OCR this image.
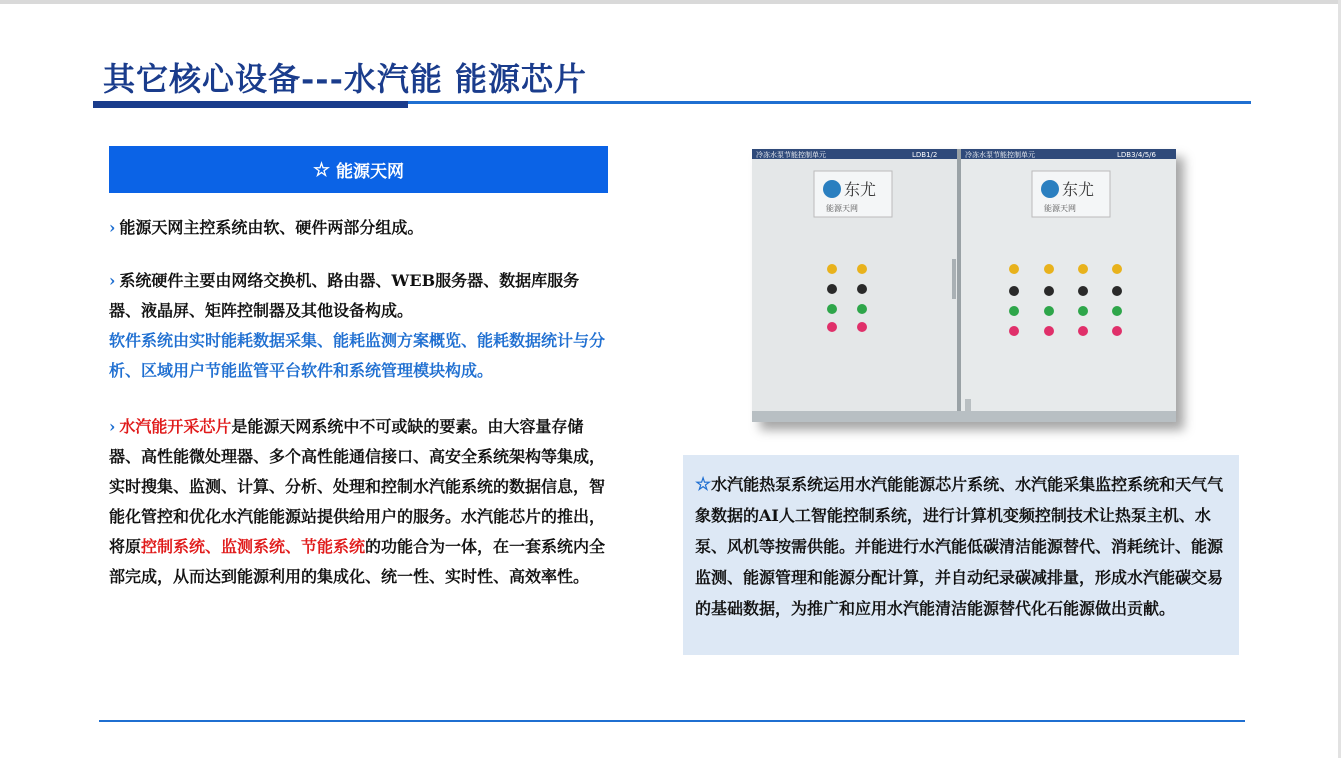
其它核心设备---水汽能 能源芯片
☆ 能源天网

› 能源天网主控系统由软、硬件两部分组成。

› 系统硬件主要由网络交换机、路由器、WEB服务器、数据库服务器、液晶屏、矩阵控制器及其他设备构成。
软件系统由实时能耗数据采集、能耗监测方案概览、能耗数据统计与分析、区域用户节能监管平台软件和系统管理模块构成。

› 水汽能开采芯片是能源天网系统中不可或缺的要素。由大容量存储器、高性能微处理器、多个高性能通信接口、高安全系统架构等集成，实时搜集、监测、计算、分析、处理和控制水汽能系统的数据信息，智能化管控和优化水汽能能源站提供给用户的服务。水汽能芯片的推出，将原控制系统、监测系统、节能系统的功能合为一体，在一套系统内全部完成，从而达到能源利用的集成化、统一性、实时性、高效率性。

冷冻水泵节能控制单元	LDB1/2
东尤
能源天网
冷冻水泵节能控制单元	LDB3/4/5/6
东尤
能源天网

☆水汽能热泵系统运用水汽能能源芯片系统、水汽能采集监控系统和天气气象数据的AI人工智能控制系统，进行计算机变频控制技术让热泵主机、水泵、风机等按需供能。并能进行水汽能低碳清洁能源替代、消耗统计、能源监测、能源管理和能源分配计算，并自动纪录碳减排量，形成水汽能碳交易的基础数据，为推广和应用水汽能清洁能源替代化石能源做出贡献。
